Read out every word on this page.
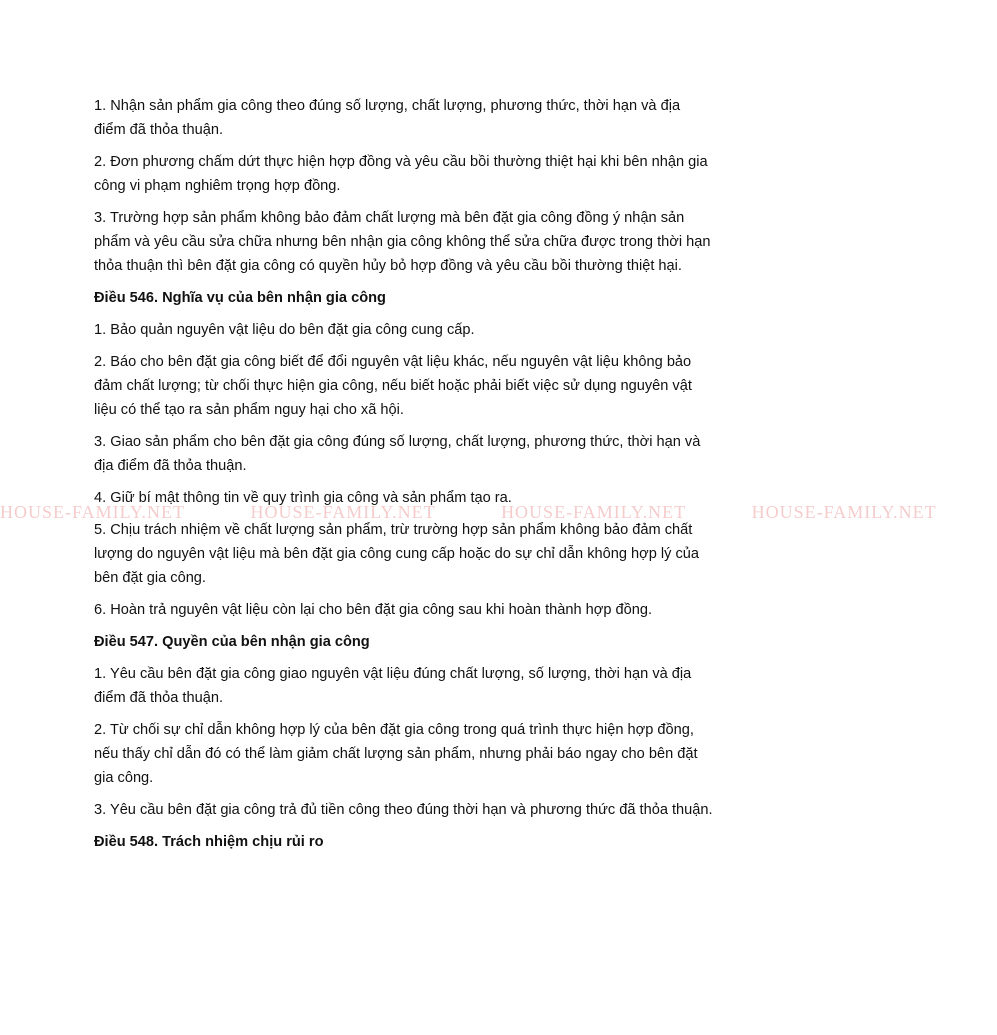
1. Nhận sản phẩm gia công theo đúng số lượng, chất lượng, phương thức, thời hạn và địa điểm đã thỏa thuận.

2. Đơn phương chấm dứt thực hiện hợp đồng và yêu cầu bồi thường thiệt hại khi bên nhận gia công vi phạm nghiêm trọng hợp đồng.

3. Trường hợp sản phẩm không bảo đảm chất lượng mà bên đặt gia công đồng ý nhận sản phẩm và yêu cầu sửa chữa nhưng bên nhận gia công không thể sửa chữa được trong thời hạn thỏa thuận thì bên đặt gia công có quyền hủy bỏ hợp đồng và yêu cầu bồi thường thiệt hại.

Điều 546. Nghĩa vụ của bên nhận gia công

1. Bảo quản nguyên vật liệu do bên đặt gia công cung cấp.

2. Báo cho bên đặt gia công biết để đổi nguyên vật liệu khác, nếu nguyên vật liệu không bảo đảm chất lượng; từ chối thực hiện gia công, nếu biết hoặc phải biết việc sử dụng nguyên vật liệu có thể tạo ra sản phẩm nguy hại cho xã hội.

3. Giao sản phẩm cho bên đặt gia công đúng số lượng, chất lượng, phương thức, thời hạn và địa điểm đã thỏa thuận.

4. Giữ bí mật thông tin về quy trình gia công và sản phẩm tạo ra.

5. Chịu trách nhiệm về chất lượng sản phẩm, trừ trường hợp sản phẩm không bảo đảm chất lượng do nguyên vật liệu mà bên đặt gia công cung cấp hoặc do sự chỉ dẫn không hợp lý của bên đặt gia công.

6. Hoàn trả nguyên vật liệu còn lại cho bên đặt gia công sau khi hoàn thành hợp đồng.

Điều 547. Quyền của bên nhận gia công

1. Yêu cầu bên đặt gia công giao nguyên vật liệu đúng chất lượng, số lượng, thời hạn và địa điểm đã thỏa thuận.

2. Từ chối sự chỉ dẫn không hợp lý của bên đặt gia công trong quá trình thực hiện hợp đồng, nếu thấy chỉ dẫn đó có thể làm giảm chất lượng sản phẩm, nhưng phải báo ngay cho bên đặt gia công.

3. Yêu cầu bên đặt gia công trả đủ tiền công theo đúng thời hạn và phương thức đã thỏa thuận.

Điều 548. Trách nhiệm chịu rủi ro

HOUSE-FAMILY.NET	HOUSE-FAMILY.NET	HOUSE-FAMILY.NET	HOUSE-FAMILY.NET
